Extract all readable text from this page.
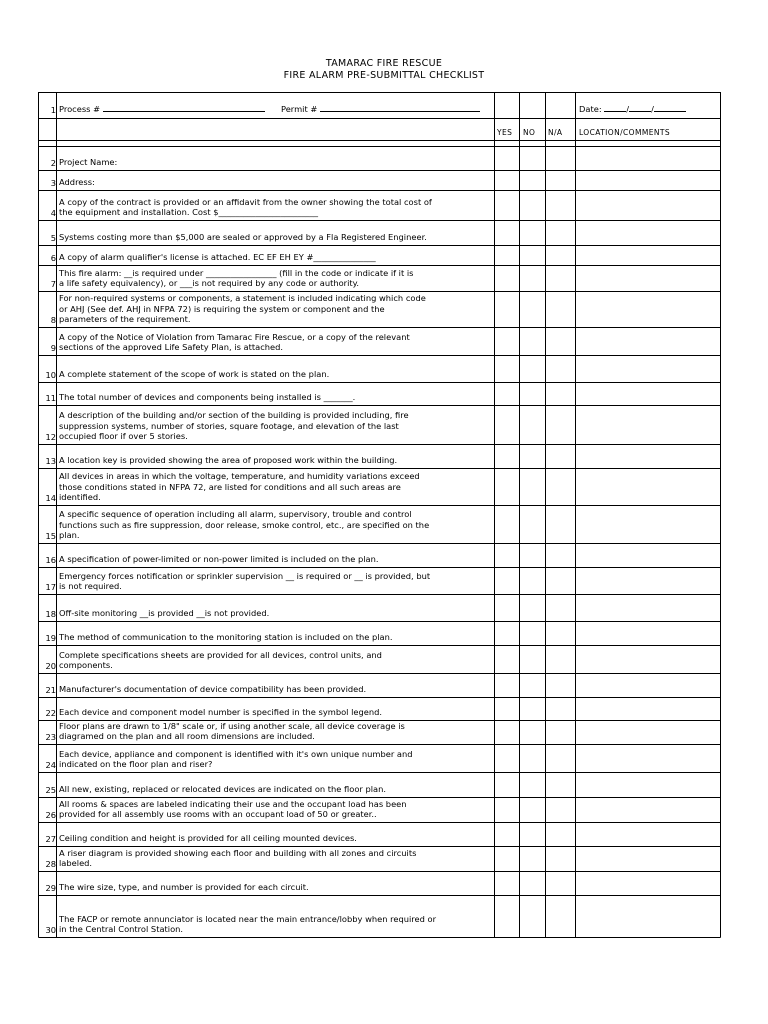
TAMARAC FIRE RESCUE
FIRE ALARM PRE-SUBMITTAL CHECKLIST
1 Process #	Permit #	Date:	/	/
YES NO N/A LOCATION/COMMENTS
2 Project Name:
3 Address:
4
A copy of the contract is provided or an affidavit from the owner showing the total cost of
the equipment and installation. Cost $________________________
5 Systems costing more than $5,000 are sealed or approved by a Fla Registered Engineer.
6 A copy of alarm qualifier's license is attached. EC EF EH EY #_______________
7
This fire alarm: __is required under _________________ (fill in the code or indicate if it is
a life safety equivalency), or ___is not required by any code or authority.
8
For non-required systems or components, a statement is included indicating which code
or AHJ (See def. AHJ in NFPA 72) is requiring the system or component and the
parameters of the requirement.
9
A copy of the Notice of Violation from Tamarac Fire Rescue, or a copy of the relevant
sections of the approved Life Safety Plan, is attached.
10 A complete statement of the scope of work is stated on the plan.
11 The total number of devices and components being installed is _______.
12
A description of the building and/or section of the building is provided including, fire
suppression systems, number of stories, square footage, and elevation of the last
occupied floor if over 5 stories.
13 A location key is provided showing the area of proposed work within the building.
14
All devices in areas in which the voltage, temperature, and humidity variations exceed
those conditions stated in NFPA 72, are listed for conditions and all such areas are
identified.
15
A specific sequence of operation including all alarm, supervisory, trouble and control
functions such as fire suppression, door release, smoke control, etc., are specified on the
plan.
16 A specification of power-limited or non-power limited is included on the plan.
17
Emergency forces notification or sprinkler supervision __ is required or __ is provided, but
is not required.
18 Off-site monitoring __is provided __is not provided.
19 The method of communication to the monitoring station is included on the plan.
20
Complete specifications sheets are provided for all devices, control units, and
components.
21 Manufacturer's documentation of device compatibility has been provided.
22 Each device and component model number is specified in the symbol legend.
23
Floor plans are drawn to 1/8" scale or, if using another scale, all device coverage is
diagramed on the plan and all room dimensions are included.
24
Each device, appliance and component is identified with it's own unique number and
indicated on the floor plan and riser?
25 All new, existing, replaced or relocated devices are indicated on the floor plan.
26
All rooms & spaces are labeled indicating their use and the occupant load has been
provided for all assembly use rooms with an occupant load of 50 or greater..
27 Ceiling condition and height is provided for all ceiling mounted devices.
28
A riser diagram is provided showing each floor and building with all zones and circuits
labeled.
29 The wire size, type, and number is provided for each circuit.
30
The FACP or remote annunciator is located near the main entrance/lobby when required or
in the Central Control Station.
